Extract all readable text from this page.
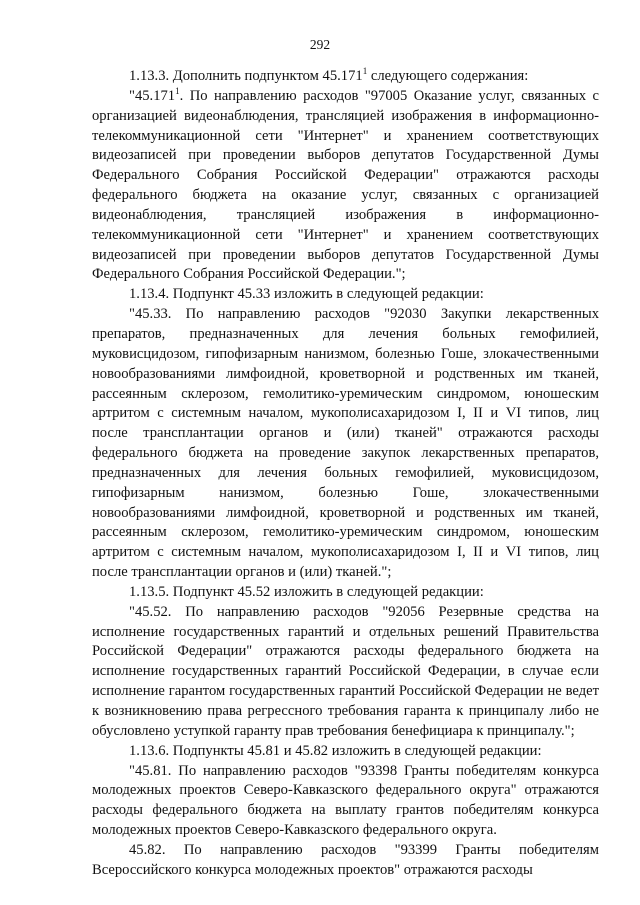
292

1.13.3. Дополнить подпунктом 45.171$^1$ следующего содержания:

"45.171$^1$. По направлению расходов "97005 Оказание услуг, связанных с организацией видеонаблюдения, трансляцией изображения в информационно-телекоммуникационной сети "Интернет" и хранением соответствующих видеозаписей при проведении выборов депутатов Государственной Думы Федерального Собрания Российской Федерации" отражаются расходы федерального бюджета на оказание услуг, связанных с организацией видеонаблюдения, трансляцией изображения в информационно-телекоммуникационной сети "Интернет" и хранением соответствующих видеозаписей при проведении выборов депутатов Государственной Думы Федерального Собрания Российской Федерации.";

1.13.4. Подпункт 45.33 изложить в следующей редакции:

"45.33. По направлению расходов "92030 Закупки лекарственных препаратов, предназначенных для лечения больных гемофилией, муковисцидозом, гипофизарным нанизмом, болезнью Гоше, злокачественными новообразованиями лимфоидной, кроветворной и родственных им тканей, рассеянным склерозом, гемолитико-уремическим синдромом, юношеским артритом с системным началом, мукополисахаридозом I, II и VI типов, лиц после трансплантации органов и (или) тканей" отражаются расходы федерального бюджета на проведение закупок лекарственных препаратов, предназначенных для лечения больных гемофилией, муковисцидозом, гипофизарным нанизмом, болезнью Гоше, злокачественными новообразованиями лимфоидной, кроветворной и родственных им тканей, рассеянным склерозом, гемолитико-уремическим синдромом, юношеским артритом с системным началом, мукополисахаридозом I, II и VI типов, лиц после трансплантации органов и (или) тканей.";

1.13.5. Подпункт 45.52 изложить в следующей редакции:

"45.52. По направлению расходов "92056 Резервные средства на исполнение государственных гарантий и отдельных решений Правительства Российской Федерации" отражаются расходы федерального бюджета на исполнение государственных гарантий Российской Федерации, в случае если исполнение гарантом государственных гарантий Российской Федерации не ведет к возникновению права регрессного требования гаранта к принципалу либо не обусловлено уступкой гаранту прав требования бенефициара к принципалу.";

1.13.6. Подпункты 45.81 и 45.82 изложить в следующей редакции:

"45.81. По направлению расходов "93398 Гранты победителям конкурса молодежных проектов Северо-Кавказского федерального округа" отражаются расходы федерального бюджета на выплату грантов победителям конкурса молодежных проектов Северо-Кавказского федерального округа.

45.82. По направлению расходов "93399 Гранты победителям Всероссийского конкурса молодежных проектов" отражаются расходы
